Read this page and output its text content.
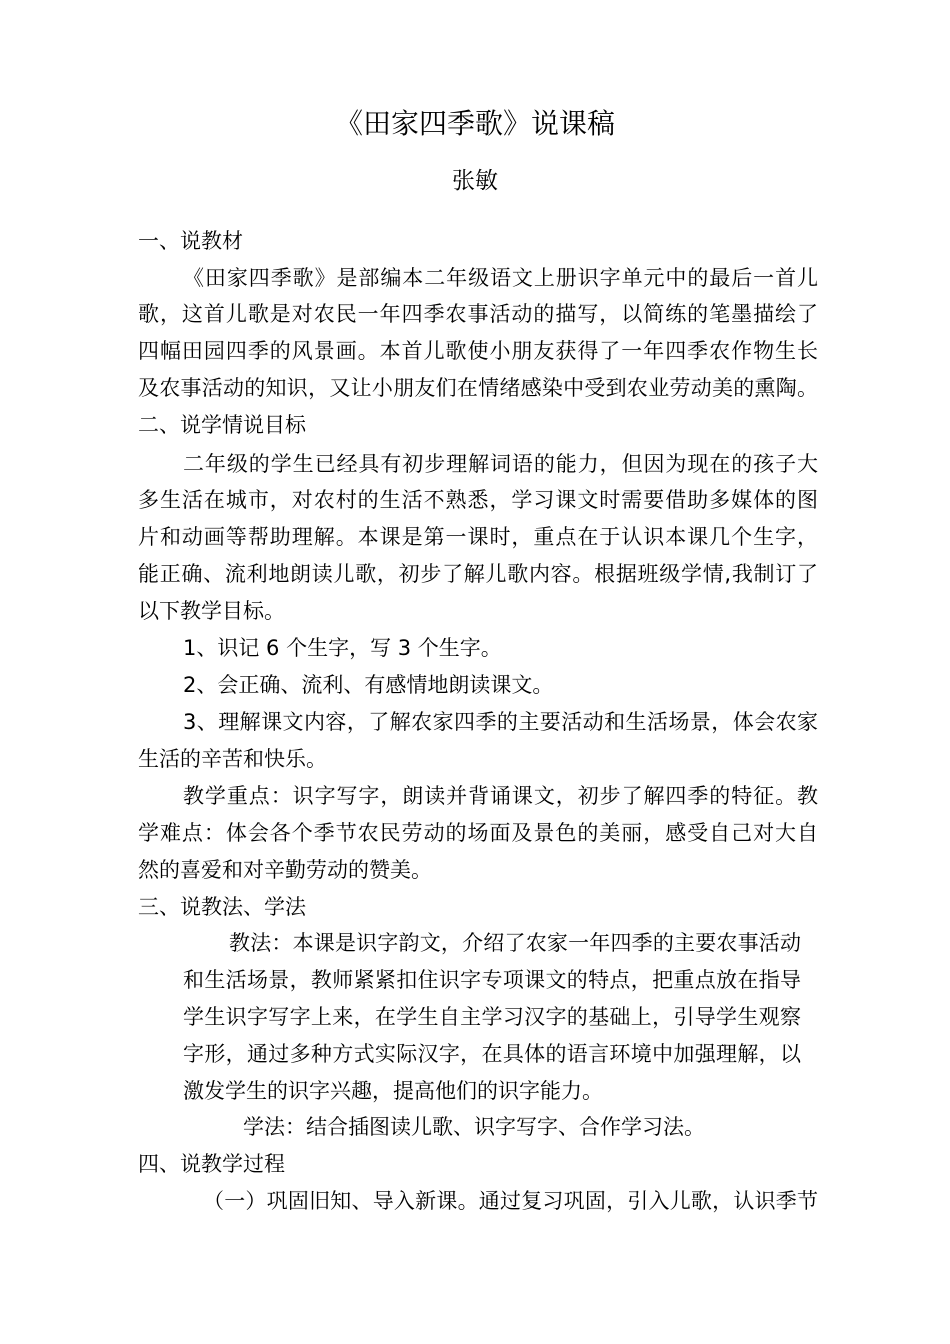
《田家四季歌》说课稿
张敏
一、说教材
《田家四季歌》是部编本二年级语文上册识字单元中的最后一首儿
歌，这首儿歌是对农民一年四季农事活动的描写，以简练的笔墨描绘了
四幅田园四季的风景画。本首儿歌使小朋友获得了一年四季农作物生长
及农事活动的知识，又让小朋友们在情绪感染中受到农业劳动美的熏陶。
二、说学情说目标
二年级的学生已经具有初步理解词语的能力，但因为现在的孩子大
多生活在城市，对农村的生活不熟悉，学习课文时需要借助多媒体的图
片和动画等帮助理解。本课是第一课时，重点在于认识本课几个生字，
能正确、流利地朗读儿歌，初步了解儿歌内容。根据班级学情,我制订了
以下教学目标。
1、识记 6 个生字，写 3 个生字。
2、会正确、流利、有感情地朗读课文。
3、理解课文内容，了解农家四季的主要活动和生活场景，体会农家
生活的辛苦和快乐。
教学重点：识字写字，朗读并背诵课文，初步了解四季的特征。教
学难点：体会各个季节农民劳动的场面及景色的美丽，感受自己对大自
然的喜爱和对辛勤劳动的赞美。
三、说教法、学法
教法：本课是识字韵文，介绍了农家一年四季的主要农事活动
和生活场景，教师紧紧扣住识字专项课文的特点，把重点放在指导
学生识字写字上来，在学生自主学习汉字的基础上，引导学生观察
字形，通过多种方式实际汉字，在具体的语言环境中加强理解，以
激发学生的识字兴趣，提高他们的识字能力。
学法：结合插图读儿歌、识字写字、合作学习法。
四、说教学过程
（一）巩固旧知、导入新课。通过复习巩固，引入儿歌，认识季节
